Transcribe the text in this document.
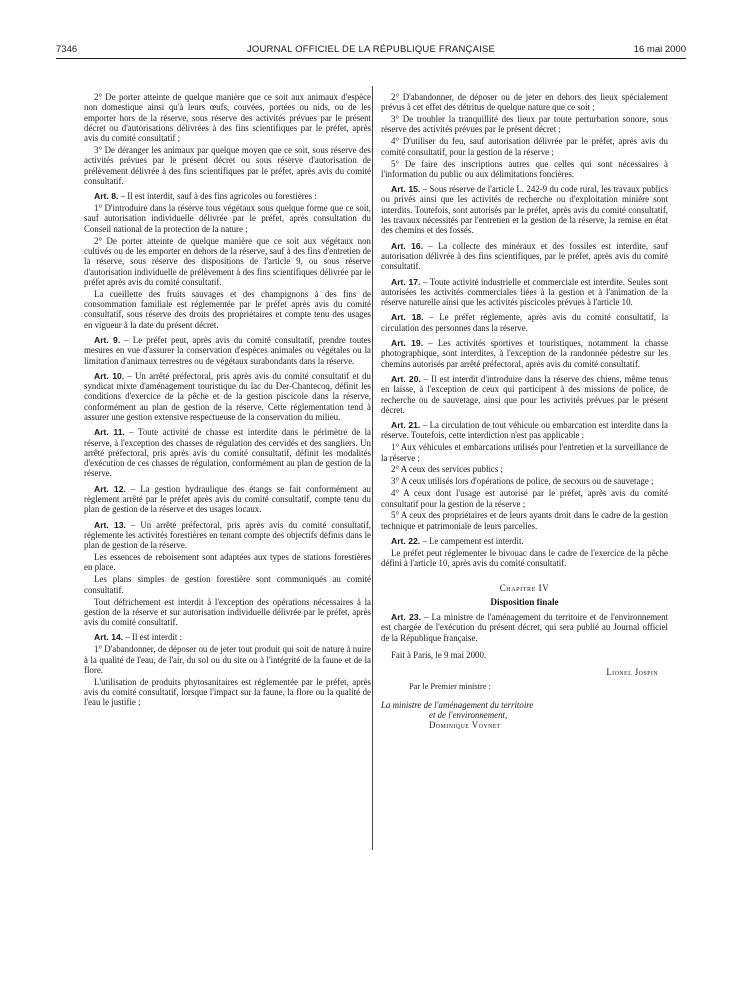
7346	JOURNAL OFFICIEL DE LA RÉPUBLIQUE FRANÇAISE	16 mai 2000

2° De porter atteinte de quelque manière que ce soit aux animaux d'espèce non domestique ainsi qu'à leurs œufs, couvées, portées ou nids, ou de les emporter hors de la réserve, sous réserve des activités prévues par le présent décret ou d'autorisations délivrées à des fins scientifiques par le préfet, après avis du comité consultatif ;

3° De déranger les animaux par quelque moyen que ce soit, sous réserve des activités prévues par le présent décret ou sous réserve d'autorisation de prélèvement délivrée à des fins scientifiques par le préfet, après avis du comité consultatif.

Art. 8. – Il est interdit, sauf à des fins agricoles ou forestières :

1° D'introduire dans la réserve tous végétaux sous quelque forme que ce soit, sauf autorisation individuelle délivrée par le préfet, après consultation du Conseil national de la protection de la nature ;

2° De porter atteinte de quelque manière que ce soit aux végétaux non cultivés ou de les emporter en dehors de la réserve, sauf à des fins d'entretien de la réserve, sous réserve des dispositions de l'article 9, ou sous réserve d'autorisation individuelle de prélèvement à des fins scientifiques délivrée par le préfet après avis du comité consultatif.

La cueillette des fruits sauvages et des champignons à des fins de consommation familiale est réglementée par le préfet après avis du comité consultatif, sous réserve des droits des propriétaires et compte tenu des usages en vigueur à la date du présent décret.

Art. 9. – Le préfet peut, après avis du comité consultatif, prendre toutes mesures en vue d'assurer la conservation d'espèces animales ou végétales ou la limitation d'animaux terrestres ou de végétaux surabondants dans la réserve.

Art. 10. – Un arrêté préfectoral, pris après avis du comité consultatif et du syndicat mixte d'aménagement touristique du lac du Der-Chantecoq, définit les conditions d'exercice de la pêche et de la gestion piscicole dans la réserve, conformément au plan de gestion de la réserve. Cette réglementation tend à assurer une gestion extensive respectueuse de la conservation du milieu.

Art. 11. – Toute activité de chasse est interdite dans le périmètre de la réserve, à l'exception des chasses de régulation des cervidés et des sangliers. Un arrêté préfectoral, pris après avis du comité consultatif, définit les modalités d'exécution de ces chasses de régulation, conformément au plan de gestion de la réserve.

Art. 12. – La gestion hydraulique des étangs se fait conformément au règlement arrêté par le préfet après avis du comité consultatif, compte tenu du plan de gestion de la réserve et des usages locaux.

Art. 13. – Un arrêté préfectoral, pris après avis du comité consultatif, réglemente les activités forestières en tenant compte des objectifs définis dans le plan de gestion de la réserve.

Les essences de reboisement sont adaptées aux types de stations forestières en place.

Les plans simples de gestion forestière sont communiqués au comité consultatif.

Tout défrichement est interdit à l'exception des opérations nécessaires à la gestion de la réserve et sur autorisation individuelle délivrée par le préfet, après avis du comité consultatif.

Art. 14. – Il est interdit :

1° D'abandonner, de déposer ou de jeter tout produit qui soit de nature à nuire à la qualité de l'eau, de l'air, du sol ou du site ou à l'intégrité de la faune et de la flore.

L'utilisation de produits phytosanitaires est réglementée par le préfet, après avis du comité consultatif, lorsque l'impact sur la faune, la flore ou la qualité de l'eau le justifie ;

2° D'abandonner, de déposer ou de jeter en dehors des lieux spécialement prévus à cet effet des détritus de quelque nature que ce soit ;

3° De troubler la tranquillité des lieux par toute perturbation sonore, sous réserve des activités prévues par le présent décret ;

4° D'utiliser du feu, sauf autorisation délivrée par le préfet, après avis du comité consultatif, pour la gestion de la réserve ;

5° De faire des inscriptions autres que celles qui sont nécessaires à l'information du public ou aux délimitations foncières.

Art. 15. – Sous réserve de l'article L. 242-9 du code rural, les travaux publics ou privés ainsi que les activités de recherche ou d'exploitation minière sont interdits. Toutefois, sont autorisés par le préfet, après avis du comité consultatif, les travaux nécessités par l'entretien et la gestion de la réserve, la remise en état des chemins et des fossés.

Art. 16. – La collecte des minéraux et des fossiles est interdite, sauf autorisation délivrée à des fins scientifiques, par le préfet, après avis du comité consultatif.

Art. 17. – Toute activité industrielle et commerciale est interdite. Seules sont autorisées les activités commerciales liées à la gestion et à l'animation de la réserve naturelle ainsi que les activités piscicoles prévues à l'article 10.

Art. 18. – Le préfet réglemente, après avis du comité consultatif, la circulation des personnes dans la réserve.

Art. 19. – Les activités sportives et touristiques, notamment la chasse photographique, sont interdites, à l'exception de la randonnée pédestre sur les chemins autorisés par arrêté préfectoral, après avis du comité consultatif.

Art. 20. – Il est interdit d'introduire dans la réserve des chiens, même tenus en laisse, à l'exception de ceux qui participent à des missions de police, de recherche ou de sauvetage, ainsi que pour les activités prévues par le présent décret.

Art. 21. – La circulation de tout véhicule ou embarcation est interdite dans la réserve. Toutefois, cette interdiction n'est pas applicable :

1° Aux véhicules et embarcations utilisés pour l'entretien et la surveillance de la réserve ;

2° A ceux des services publics ;

3° A ceux utilisés lors d'opérations de police, de secours ou de sauvetage ;

4° A ceux dont l'usage est autorisé par le préfet, après avis du comité consultatif pour la gestion de la réserve ;

5° A ceux des propriétaires et de leurs ayants droit dans le cadre de la gestion technique et patrimoniale de leurs parcelles.

Art. 22. – Le campement est interdit.

Le préfet peut réglementer le bivouac dans le cadre de l'exercice de la pêche défini à l'article 10, après avis du comité consultatif.

Chapitre IV
Disposition finale

Art. 23. – La ministre de l'aménagement du territoire et de l'environnement est chargée de l'exécution du présent décret, qui sera publié au Journal officiel de la République française.

Fait à Paris, le 9 mai 2000.

Lionel Jospin
Par le Premier ministre :
La ministre de l'aménagement du territoire
et de l'environnement,
Dominique Voynet
